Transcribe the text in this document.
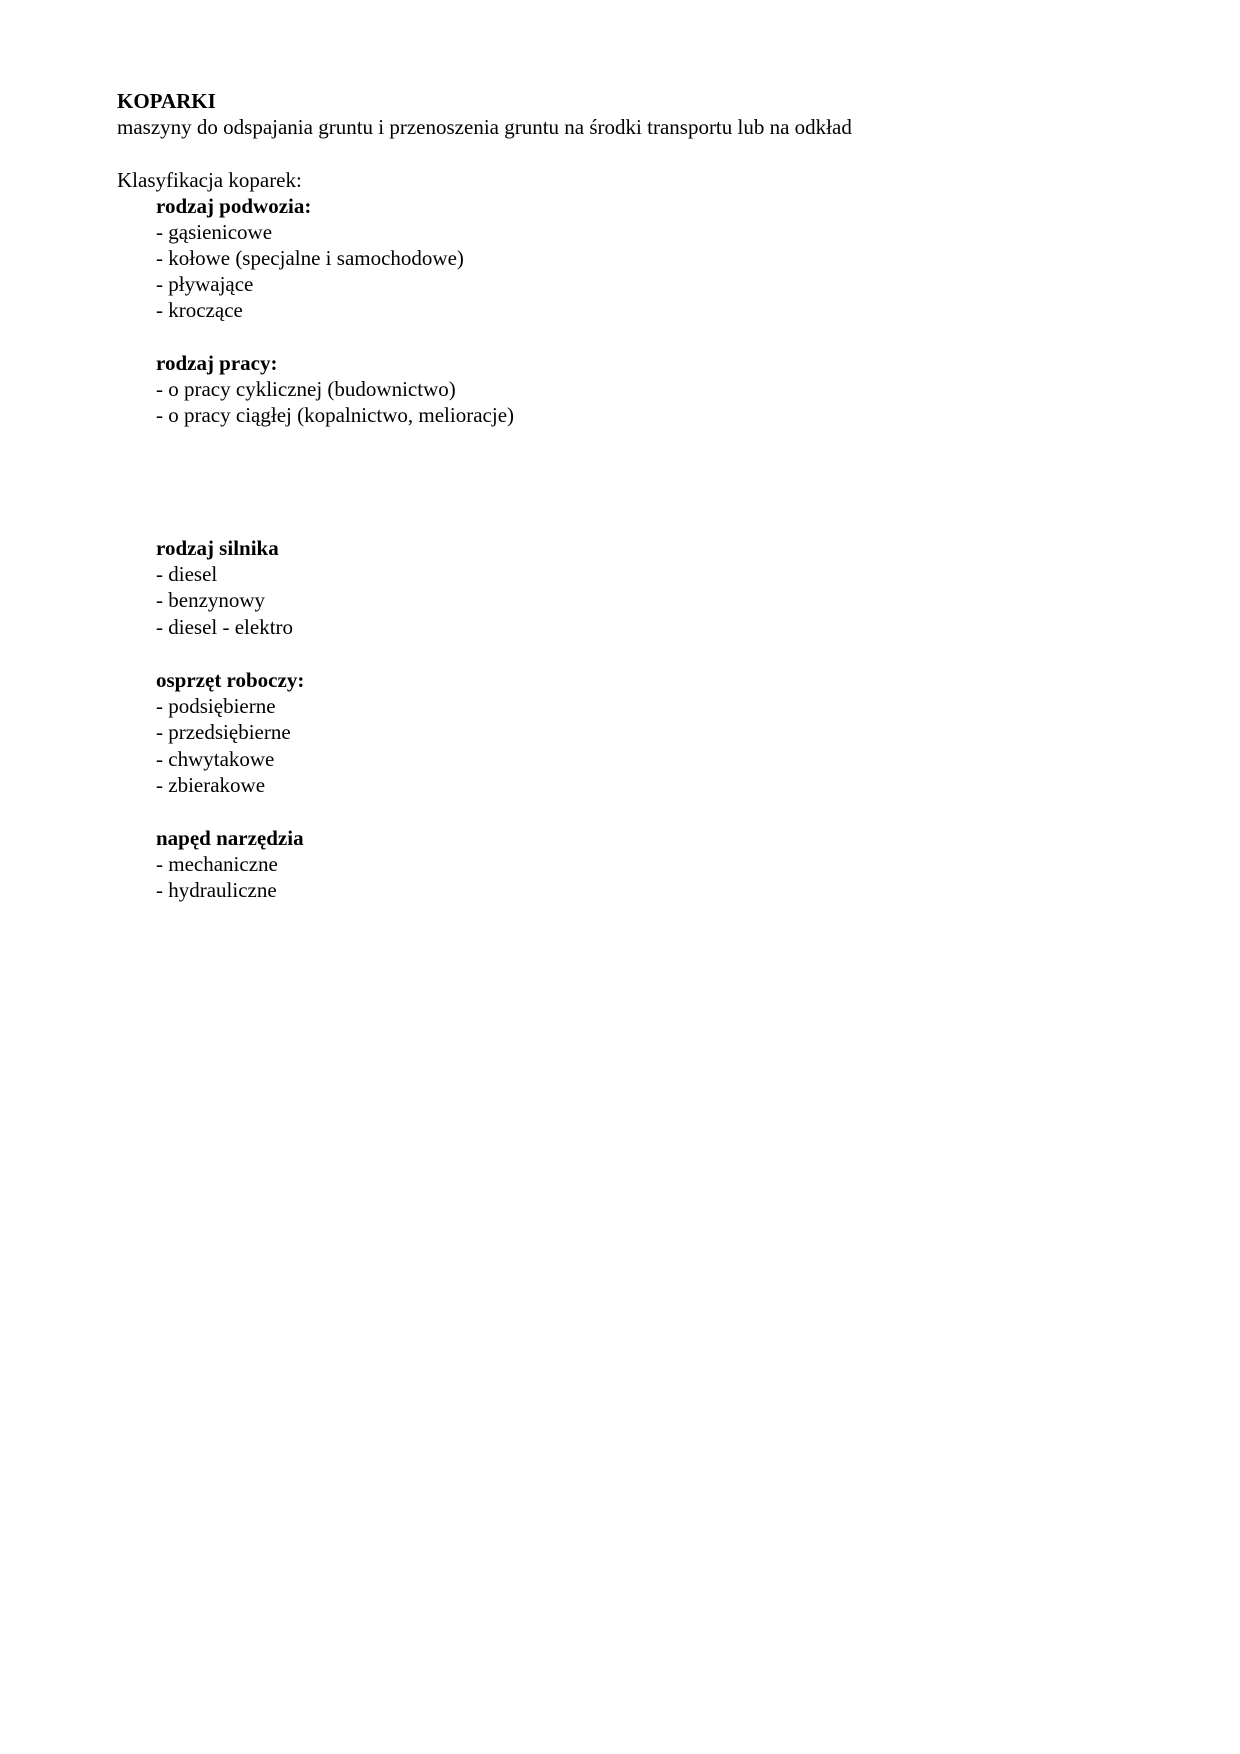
KOPARKI
maszyny do odspajania gruntu i przenoszenia gruntu na środki transportu lub na odkład
Klasyfikacja koparek:
rodzaj podwozia:
- gąsienicowe
- kołowe (specjalne i samochodowe)
- pływające
- kroczące
rodzaj pracy:
- o pracy cyklicznej (budownictwo)
- o pracy ciągłej (kopalnictwo, melioracje)
rodzaj silnika
- diesel
- benzynowy
- diesel - elektro
osprzęt roboczy:
- podsiębierne
- przedsiębierne
- chwytakowe
- zbierakowe
napęd narzędzia
- mechaniczne
- hydrauliczne
